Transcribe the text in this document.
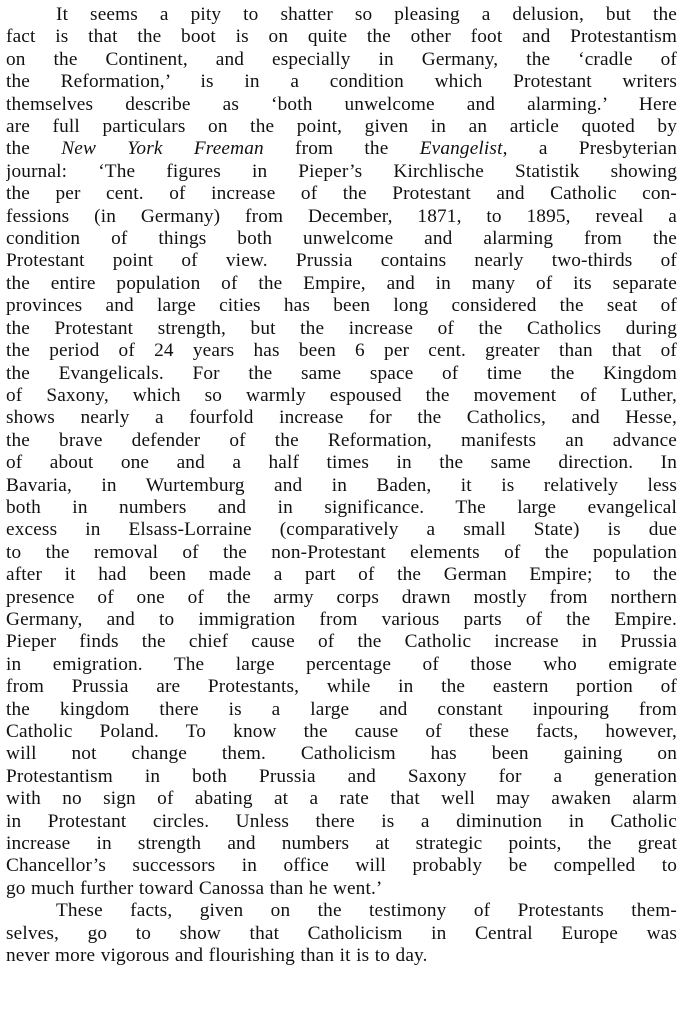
It seems a pity to shatter so pleasing a delusion, but the
fact is that the boot is on quite the other foot and Protestantism
on the Continent, and especially in Germany, the ‘cradle of
the Reformation,’ is in a condition which Protestant writers
themselves describe as ‘both unwelcome and alarming.’ Here
are full particulars on the point, given in an article quoted by
the New York Freeman from the Evangelist, a Presbyterian
journal: ‘The figures in Pieper’s Kirchlische Statistik showing
the per cent. of increase of the Protestant and Catholic con-
fessions (in Germany) from December, 1871, to 1895, reveal a
condition of things both unwelcome and alarming from the
Protestant point of view. Prussia contains nearly two-thirds of
the entire population of the Empire, and in many of its separate
provinces and large cities has been long considered the seat of
the Protestant strength, but the increase of the Catholics during
the period of 24 years has been 6 per cent. greater than that of
the Evangelicals. For the same space of time the Kingdom
of Saxony, which so warmly espoused the movement of Luther,
shows nearly a fourfold increase for the Catholics, and Hesse,
the brave defender of the Reformation, manifests an advance
of about one and a half times in the same direction. In
Bavaria, in Wurtemburg and in Baden, it is relatively less
both in numbers and in significance. The large evangelical
excess in Elsass-Lorraine (comparatively a small State) is due
to the removal of the non-Protestant elements of the population
after it had been made a part of the German Empire; to the
presence of one of the army corps drawn mostly from northern
Germany, and to immigration from various parts of the Empire.
Pieper finds the chief cause of the Catholic increase in Prussia
in emigration. The large percentage of those who emigrate
from Prussia are Protestants, while in the eastern portion of
the kingdom there is a large and constant inpouring from
Catholic Poland. To know the cause of these facts, however,
will not change them. Catholicism has been gaining on
Protestantism in both Prussia and Saxony for a generation
with no sign of abating at a rate that well may awaken alarm
in Protestant circles. Unless there is a diminution in Catholic
increase in strength and numbers at strategic points, the great
Chancellor’s successors in office will probably be compelled to
go much further toward Canossa than he went.’
These facts, given on the testimony of Protestants them-
selves, go to show that Catholicism in Central Europe was
never more vigorous and flourishing than it is to day.
